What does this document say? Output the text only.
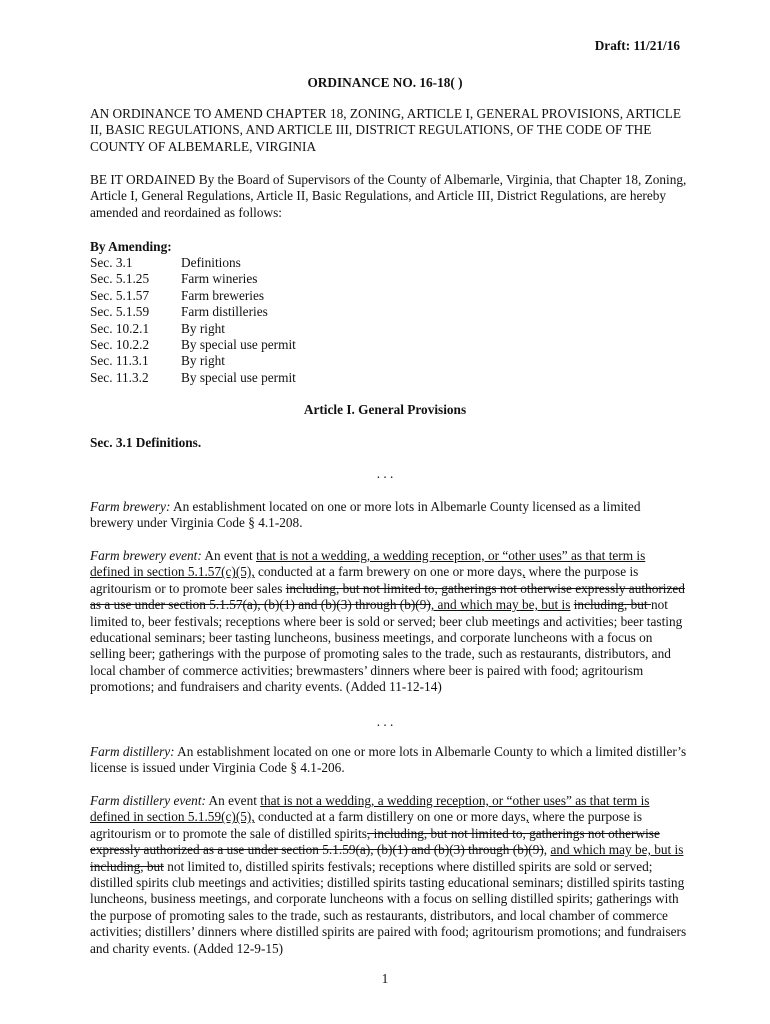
Draft: 11/21/16
ORDINANCE NO. 16-18( )
AN ORDINANCE TO AMEND CHAPTER 18, ZONING, ARTICLE I, GENERAL PROVISIONS, ARTICLE II, BASIC REGULATIONS, AND ARTICLE III, DISTRICT REGULATIONS, OF THE CODE OF THE COUNTY OF ALBEMARLE, VIRGINIA
BE IT ORDAINED By the Board of Supervisors of the County of Albemarle, Virginia, that Chapter 18, Zoning, Article I, General Regulations, Article II, Basic Regulations, and Article III, District Regulations, are hereby amended and reordained as follows:
By Amending:
Sec. 3.1	Definitions
Sec. 5.1.25	Farm wineries
Sec. 5.1.57	Farm breweries
Sec. 5.1.59	Farm distilleries
Sec. 10.2.1	By right
Sec. 10.2.2	By special use permit
Sec. 11.3.1	By right
Sec. 11.3.2	By special use permit
Article I. General Provisions
Sec. 3.1 Definitions.
. . .
Farm brewery: An establishment located on one or more lots in Albemarle County licensed as a limited brewery under Virginia Code § 4.1-208.
Farm brewery event: An event that is not a wedding, a wedding reception, or “other uses” as that term is defined in section 5.1.57(c)(5), conducted at a farm brewery on one or more days, where the purpose is agritourism or to promote beer sales including, but not limited to, gatherings not otherwise expressly authorized as a use under section 5.1.57(a), (b)(1) and (b)(3) through (b)(9), and which may be, but is including, but not limited to, beer festivals; receptions where beer is sold or served; beer club meetings and activities; beer tasting educational seminars; beer tasting luncheons, business meetings, and corporate luncheons with a focus on selling beer; gatherings with the purpose of promoting sales to the trade, such as restaurants, distributors, and local chamber of commerce activities; brewmasters’ dinners where beer is paired with food; agritourism promotions; and fundraisers and charity events. (Added 11-12-14)
. . .
Farm distillery: An establishment located on one or more lots in Albemarle County to which a limited distiller’s license is issued under Virginia Code § 4.1-206.
Farm distillery event: An event that is not a wedding, a wedding reception, or “other uses” as that term is defined in section 5.1.59(c)(5), conducted at a farm distillery on one or more days, where the purpose is agritourism or to promote the sale of distilled spirits, including, but not limited to, gatherings not otherwise expressly authorized as a use under section 5.1.59(a), (b)(1) and (b)(3) through (b)(9), and which may be, but is including, but not limited to, distilled spirits festivals; receptions where distilled spirits are sold or served; distilled spirits club meetings and activities; distilled spirits tasting educational seminars; distilled spirits tasting luncheons, business meetings, and corporate luncheons with a focus on selling distilled spirits; gatherings with the purpose of promoting sales to the trade, such as restaurants, distributors, and local chamber of commerce activities; distillers’ dinners where distilled spirits are paired with food; agritourism promotions; and fundraisers and charity events. (Added 12-9-15)
1
